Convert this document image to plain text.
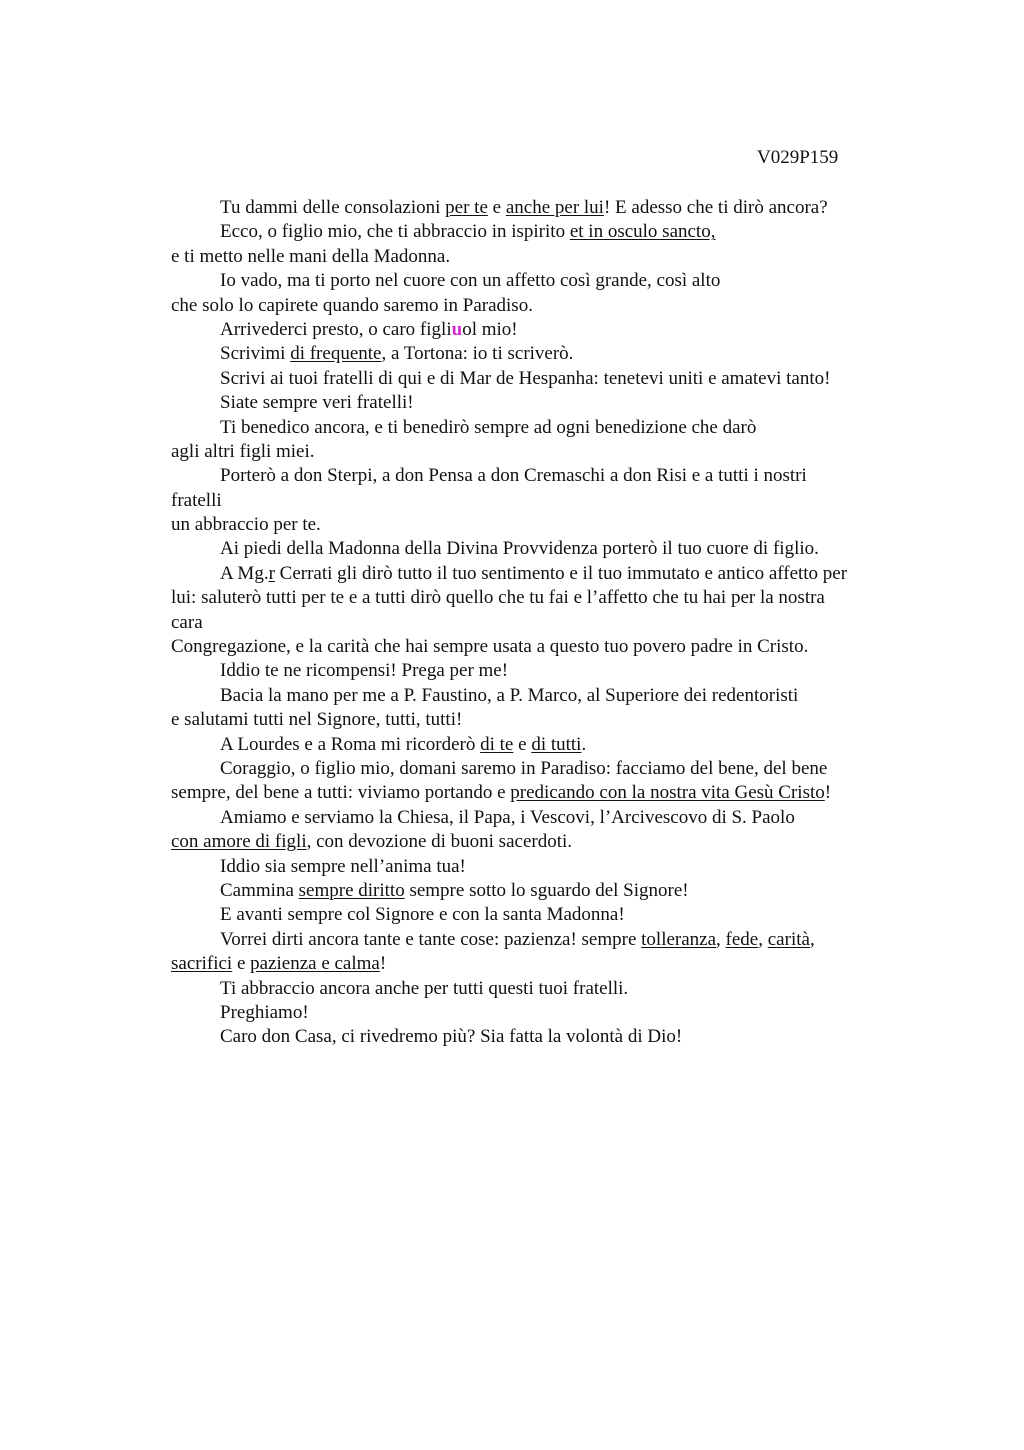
V029P159
Tu dammi delle consolazioni per te e anche per lui! E adesso che ti dirò ancora?
Ecco, o figlio mio, che ti abbraccio in ispirito et in osculo sancto,
e ti metto nelle mani della Madonna.
Io vado, ma ti porto nel cuore con un affetto così grande, così alto
che solo lo capirete quando saremo in Paradiso.
Arrivederci presto, o caro figliuol mio!
Scrivimi di frequente, a Tortona: io ti scriverò.
Scrivi ai tuoi fratelli di qui e di Mar de Hespanha: tenetevi uniti e amatevi tanto!
Siate sempre veri fratelli!
Ti benedico ancora, e ti benedirò sempre ad ogni benedizione che darò
agli altri figli miei.
Porterò a don Sterpi, a don Pensa a don Cremaschi a don Risi e a tutti i nostri
fratelli
un abbraccio per te.
Ai piedi della Madonna della Divina Provvidenza porterò il tuo cuore di figlio.
A Mg.r Cerrati gli dirò tutto il tuo sentimento e il tuo immutato e antico affetto per
lui: saluterò tutti per te e a tutti dirò quello che tu fai e l’affetto che tu hai per la nostra
cara
Congregazione, e la carità che hai sempre usata a questo tuo povero padre in Cristo.
Iddio te ne ricompensi! Prega per me!
Bacia la mano per me a P. Faustino, a P. Marco, al Superiore dei redentoristi
e salutami tutti nel Signore, tutti, tutti!
A Lourdes e a Roma mi ricorderò di te e di tutti.
Coraggio, o figlio mio, domani saremo in Paradiso: facciamo del bene, del bene
sempre, del bene a tutti: viviamo portando e predicando con la nostra vita Gesù Cristo!
Amiamo e serviamo la Chiesa, il Papa, i Vescovi, l’Arcivescovo di S. Paolo
con amore di figli, con devozione di buoni sacerdoti.
Iddio sia sempre nell’anima tua!
Cammina sempre diritto sempre sotto lo sguardo del Signore!
E avanti sempre col Signore e con la santa Madonna!
Vorrei dirti ancora tante e tante cose: pazienza! sempre tolleranza, fede, carità,
sacrifici e pazienza e calma!
Ti abbraccio ancora anche per tutti questi tuoi fratelli.
Preghiamo!
Caro don Casa, ci rivedremo più? Sia fatta la volontà di Dio!
